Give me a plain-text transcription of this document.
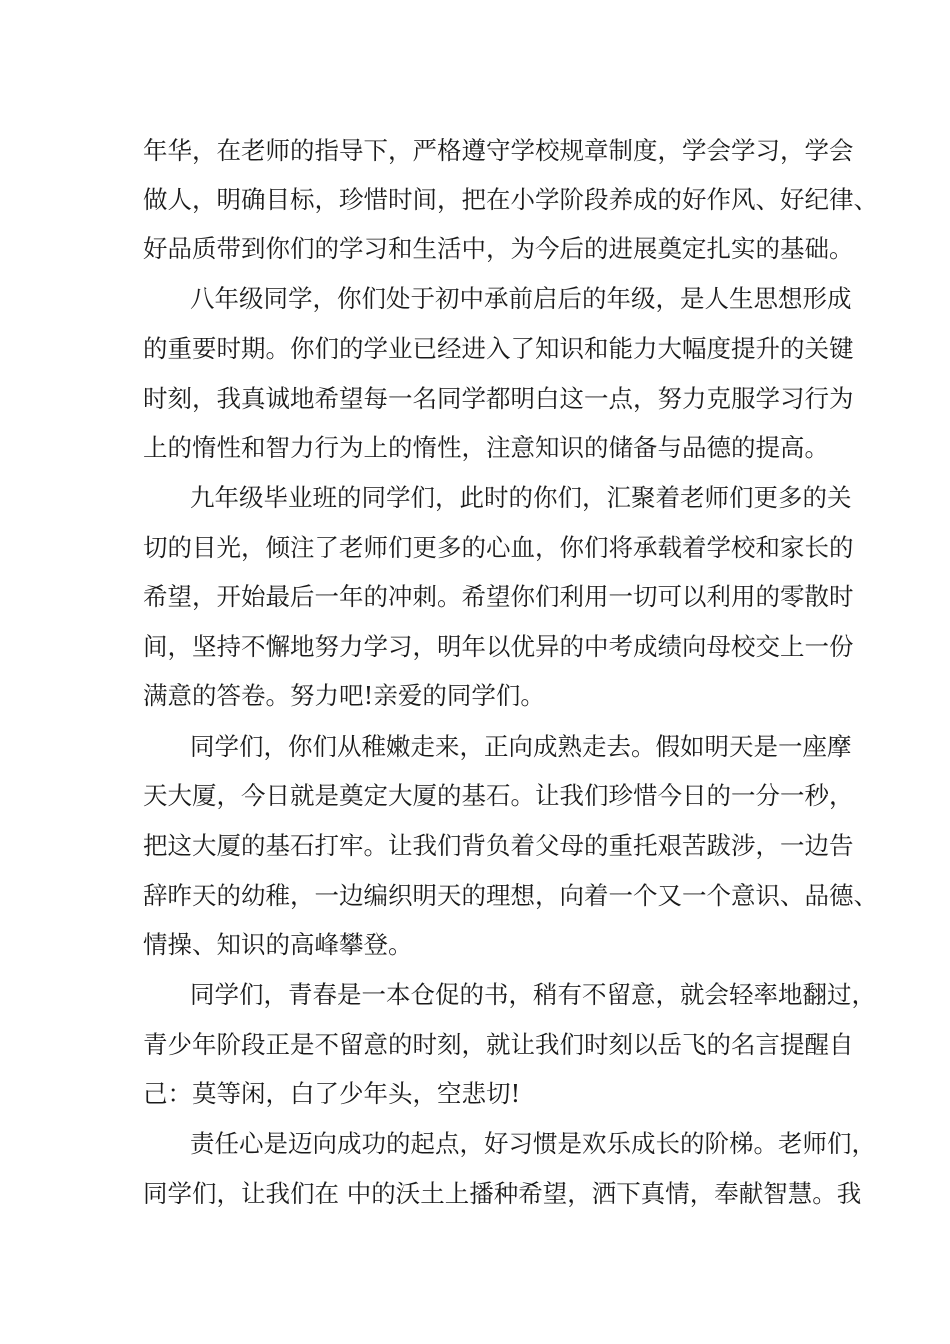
年华，在老师的指导下，严格遵守学校规章制度，学会学习，学会

做人，明确目标，珍惜时间，把在小学阶段养成的好作风、好纪律、

好品质带到你们的学习和生活中，为今后的进展奠定扎实的基础。

八年级同学，你们处于初中承前启后的年级，是人生思想形成

的重要时期。你们的学业已经进入了知识和能力大幅度提升的关键

时刻，我真诚地希望每一名同学都明白这一点，努力克服学习行为

上的惰性和智力行为上的惰性，注意知识的储备与品德的提高。

九年级毕业班的同学们，此时的你们，汇聚着老师们更多的关

切的目光，倾注了老师们更多的心血，你们将承载着学校和家长的

希望，开始最后一年的冲刺。希望你们利用一切可以利用的零散时

间，坚持不懈地努力学习，明年以优异的中考成绩向母校交上一份

满意的答卷。努力吧!亲爱的同学们。

同学们，你们从稚嫩走来，正向成熟走去。假如明天是一座摩

天大厦，今日就是奠定大厦的基石。让我们珍惜今日的一分一秒，

把这大厦的基石打牢。让我们背负着父母的重托艰苦跋涉，一边告

辞昨天的幼稚，一边编织明天的理想，向着一个又一个意识、品德、

情操、知识的高峰攀登。

同学们，青春是一本仓促的书，稍有不留意，就会轻率地翻过，

青少年阶段正是不留意的时刻，就让我们时刻以岳飞的名言提醒自

己：莫等闲，白了少年头，空悲切!

责任心是迈向成功的起点，好习惯是欢乐成长的阶梯。老师们，

同学们，让我们在 中的沃土上播种希望，洒下真情，奉献智慧。我
